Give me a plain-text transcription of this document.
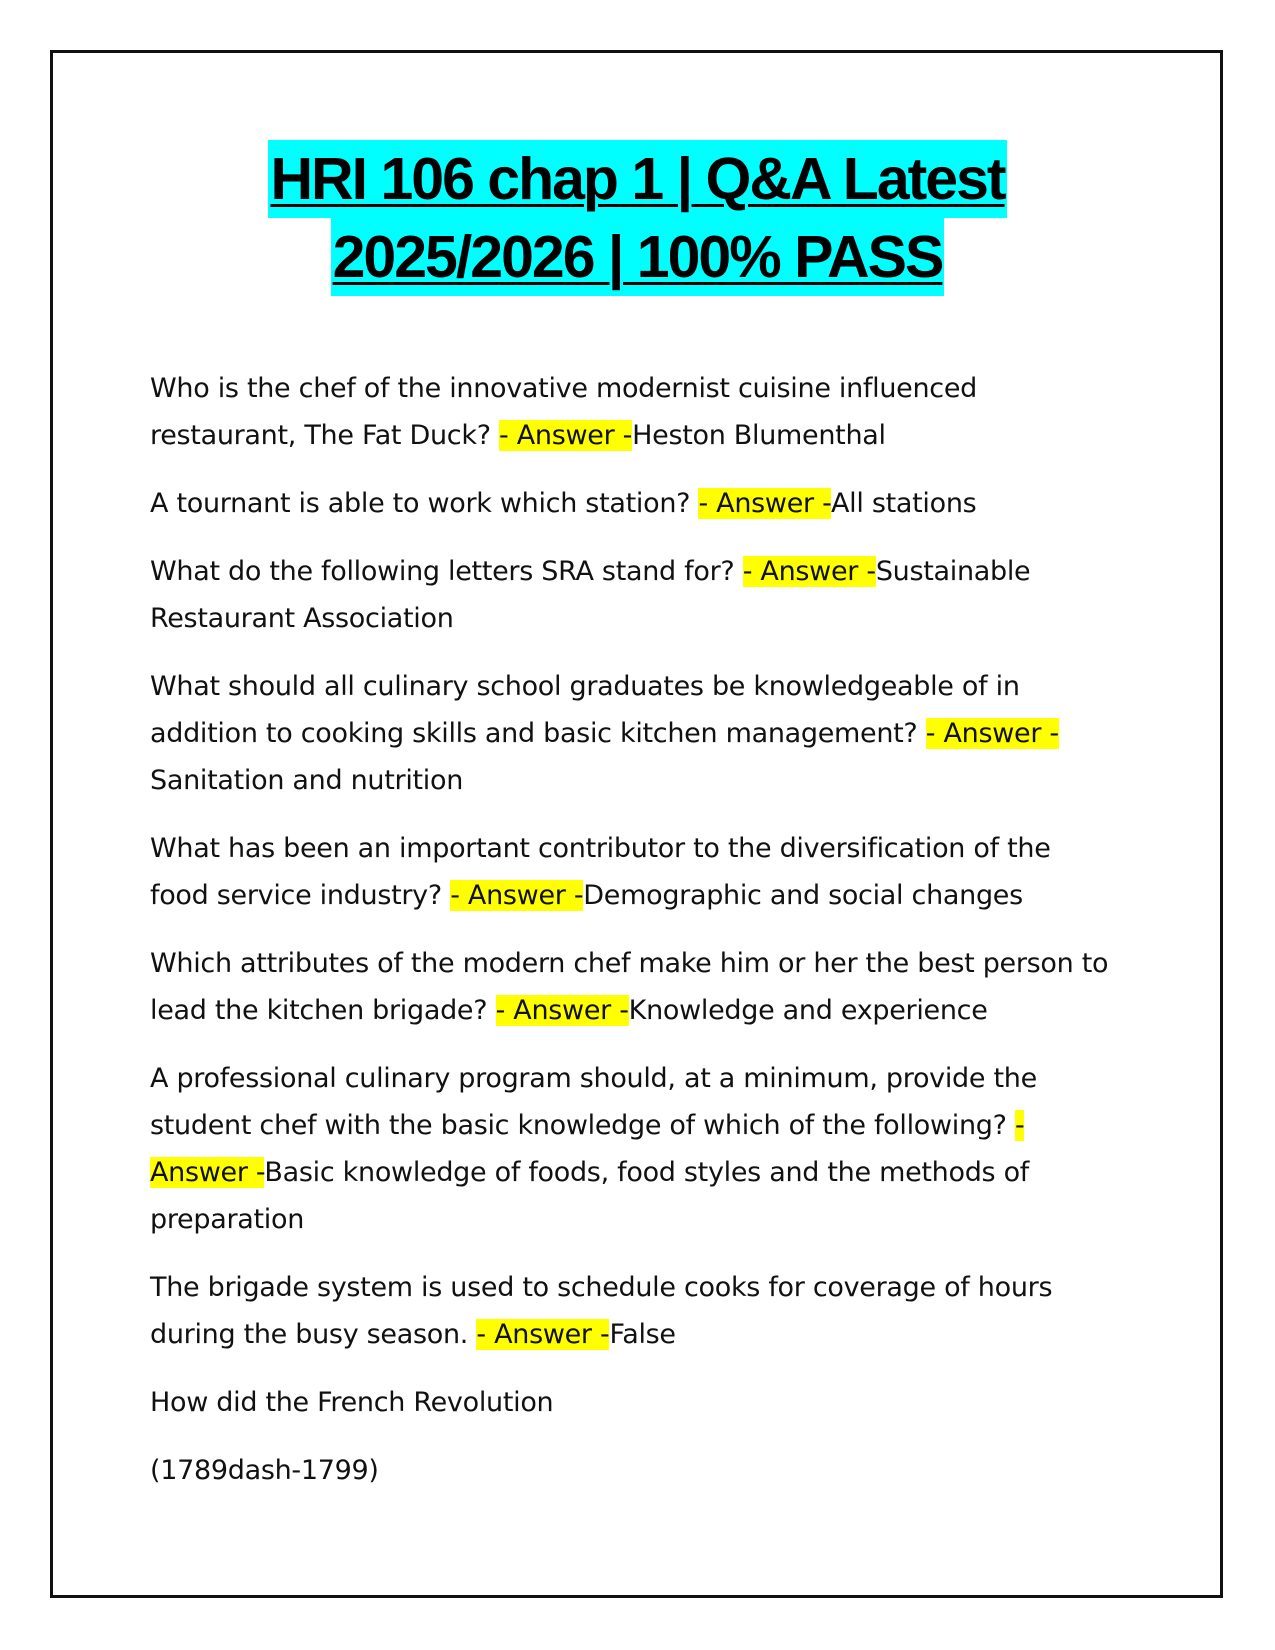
HRI 106 chap 1 | Q&A Latest
2025/2026 | 100% PASS

Who is the chef of the innovative modernist cuisine influenced restaurant, The Fat Duck? - Answer -Heston Blumenthal

A tournant is able to work which station? - Answer -All stations

What do the following letters SRA stand for? - Answer -Sustainable Restaurant Association

What should all culinary school graduates be knowledgeable of in addition to cooking skills and basic kitchen management? - Answer -Sanitation and nutrition

What has been an important contributor to the diversification of the food service industry? - Answer -Demographic and social changes

Which attributes of the modern chef make him or her the best person to lead the kitchen brigade? - Answer -Knowledge and experience

A professional culinary program should, at a minimum, provide the student chef with the basic knowledge of which of the following? - Answer -Basic knowledge of foods, food styles and the methods of preparation

The brigade system is used to schedule cooks for coverage of hours during the busy season. - Answer -False

How did the French Revolution

(1789dash-1799)
